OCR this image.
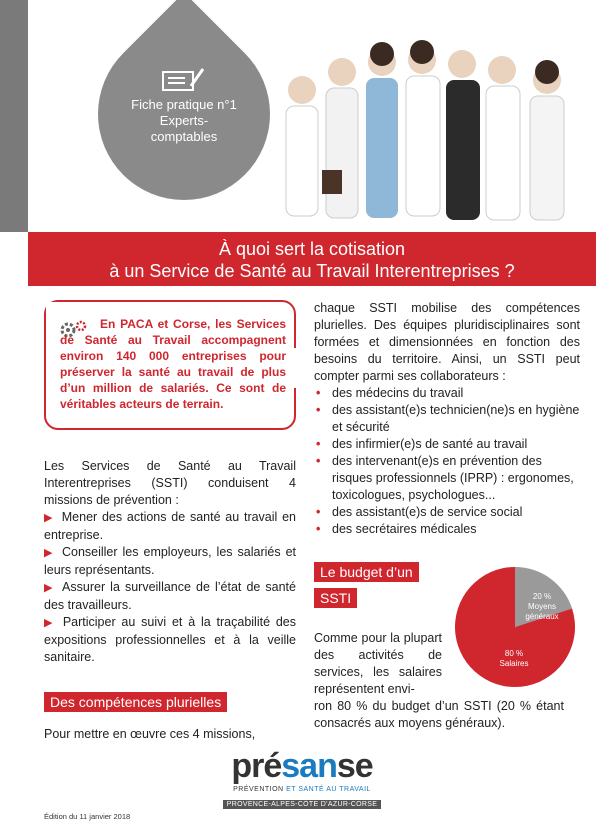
Fiche pratique n°1
Experts-
comptables
À quoi sert la cotisation
à un Service de Santé au Travail Interentreprises ?
En PACA et Corse, les Services de Santé au Travail accompagnent environ 140 000 entreprises pour préserver la santé au travail de plus d’un million de salariés. Ce sont de véritables acteurs de terrain.

Les Services de Santé au Travail Interentreprises (SSTI) conduisent 4 missions de prévention :

▶ Mener des actions de santé au travail en entreprise.
▶ Conseiller les employeurs, les salariés et leurs représentants.
▶ Assurer la surveillance de l’état de santé des travailleurs.
▶ Participer au suivi et à la traçabilité des expositions professionnelles et à la veille sanitaire.
Des compétences plurielles

Pour mettre en œuvre ces 4 missions,

chaque SSTI mobilise des compétences plurielles. Des équipes pluridisciplinaires sont formées et dimensionnées en fonction des besoins du territoire. Ainsi, un SSTI peut compter parmi ses collaborateurs :

• des médecins du travail
• des assistant(e)s technicien(ne)s en hygiène et sécurité
• des infirmier(e)s de santé au travail
• des intervenant(e)s en prévention des risques professionnels (IPRP) : ergonomes, toxicologues, psychologues...
• des assistant(e)s de service social
• des secrétaires médicales
Le budget d’un
SSTI

Comme pour la plupart des activités de services, les salaires représentent envi-

ron 80 % du budget d’un SSTI (20 % étant consacrés aux moyens généraux).

20 %
Moyens
80 %
Salaires
généraux
présanse
PRÉVENTION ET SANTÉ AU TRAVAIL
PROVENCE-ALPES-CÔTE D’AZUR-CORSE
Édition du 11 janvier 2018
